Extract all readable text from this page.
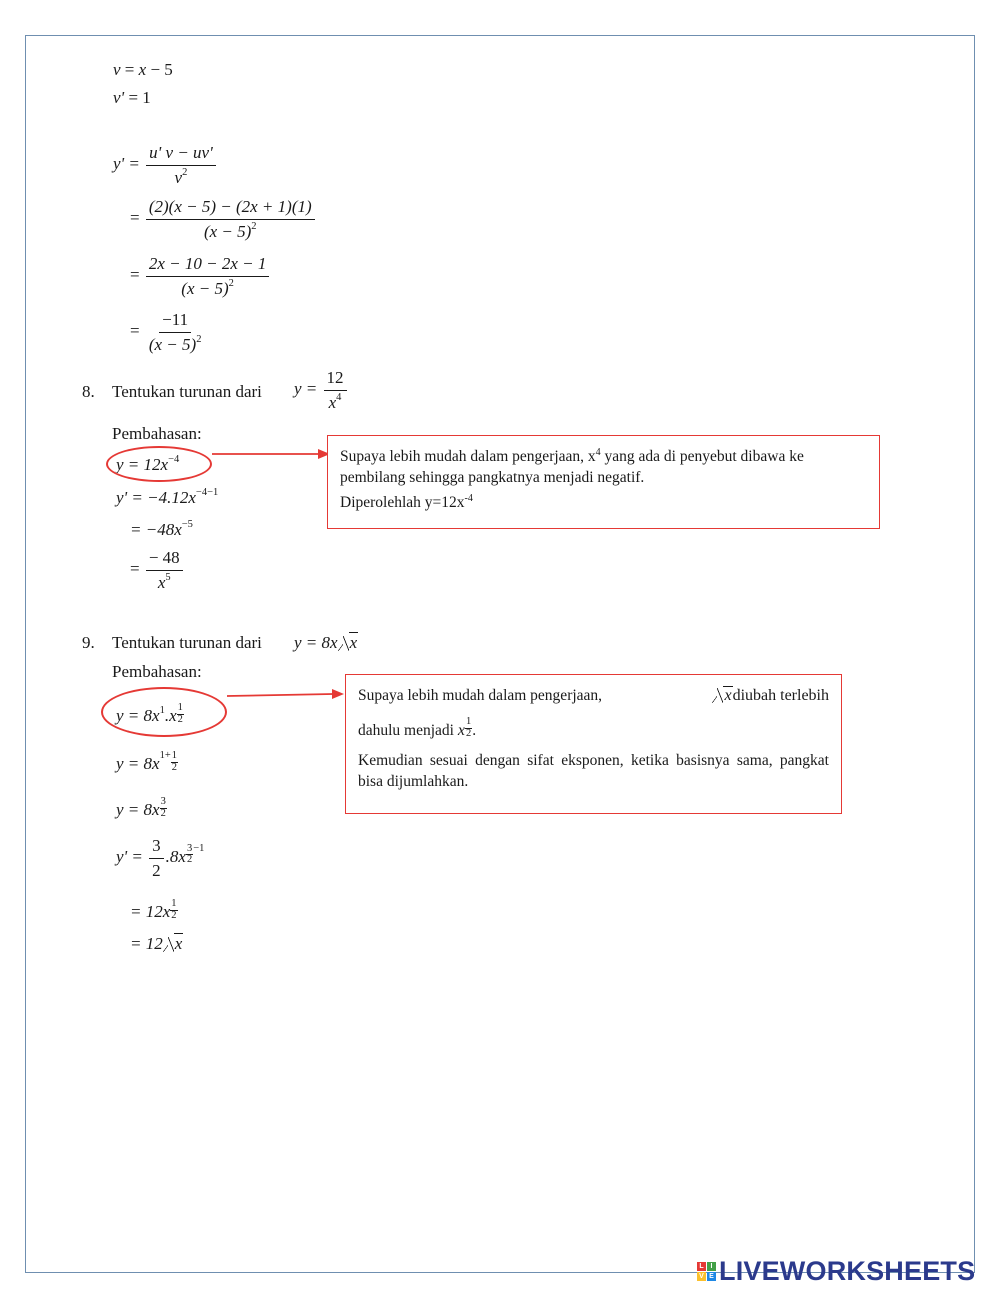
v = x − 5
v' = 1
$y' = \frac{u' v - uv'}{v^2}$
= $\frac{(2)(x - 5) - (2x + 1)(1)}{(x - 5)^2}$
= $\frac{2x - 10 - 2x - 1}{(x - 5)^2}$
= $\frac{-11}{(x - 5)^2}$
8. Tentukan turunan dari $y = \frac{12}{x^4}$
Pembahasan:
$y = 12x^{-4}$
$y' = -4.12x^{-4-1}$
= $-48x^{-5}$
= $\frac{- 48}{x^5}$
Supaya lebih mudah dalam pengerjaan, $x^4$ yang ada di penyebut dibawa ke pembilang sehingga pangkatnya menjadi negatif.
Diperolehlah $y=12x^{-4}$
9. Tentukan turunan dari y = 8x x
Pembahasan:
$y = 8x^1.x \frac{1}{2}$
$y = 8x^{1+} \frac{1}{2}$
$y = 8x \frac{3}{2}$
$y' = \frac{3}{2} .8x \frac{3}{2} ^{-1}$
= $12x \frac{1}{2}$
= 12 x
Supaya lebih mudah dalam pengerjaan,	xdiubah terlebih
dahulu menjadi x $\frac{1}{2}$ .
Kemudian sesuai dengan sifat eksponen, ketika basisnya sama, pangkat bisa dijumlahkan.
L I
V E LIVEWORKSHEETS
